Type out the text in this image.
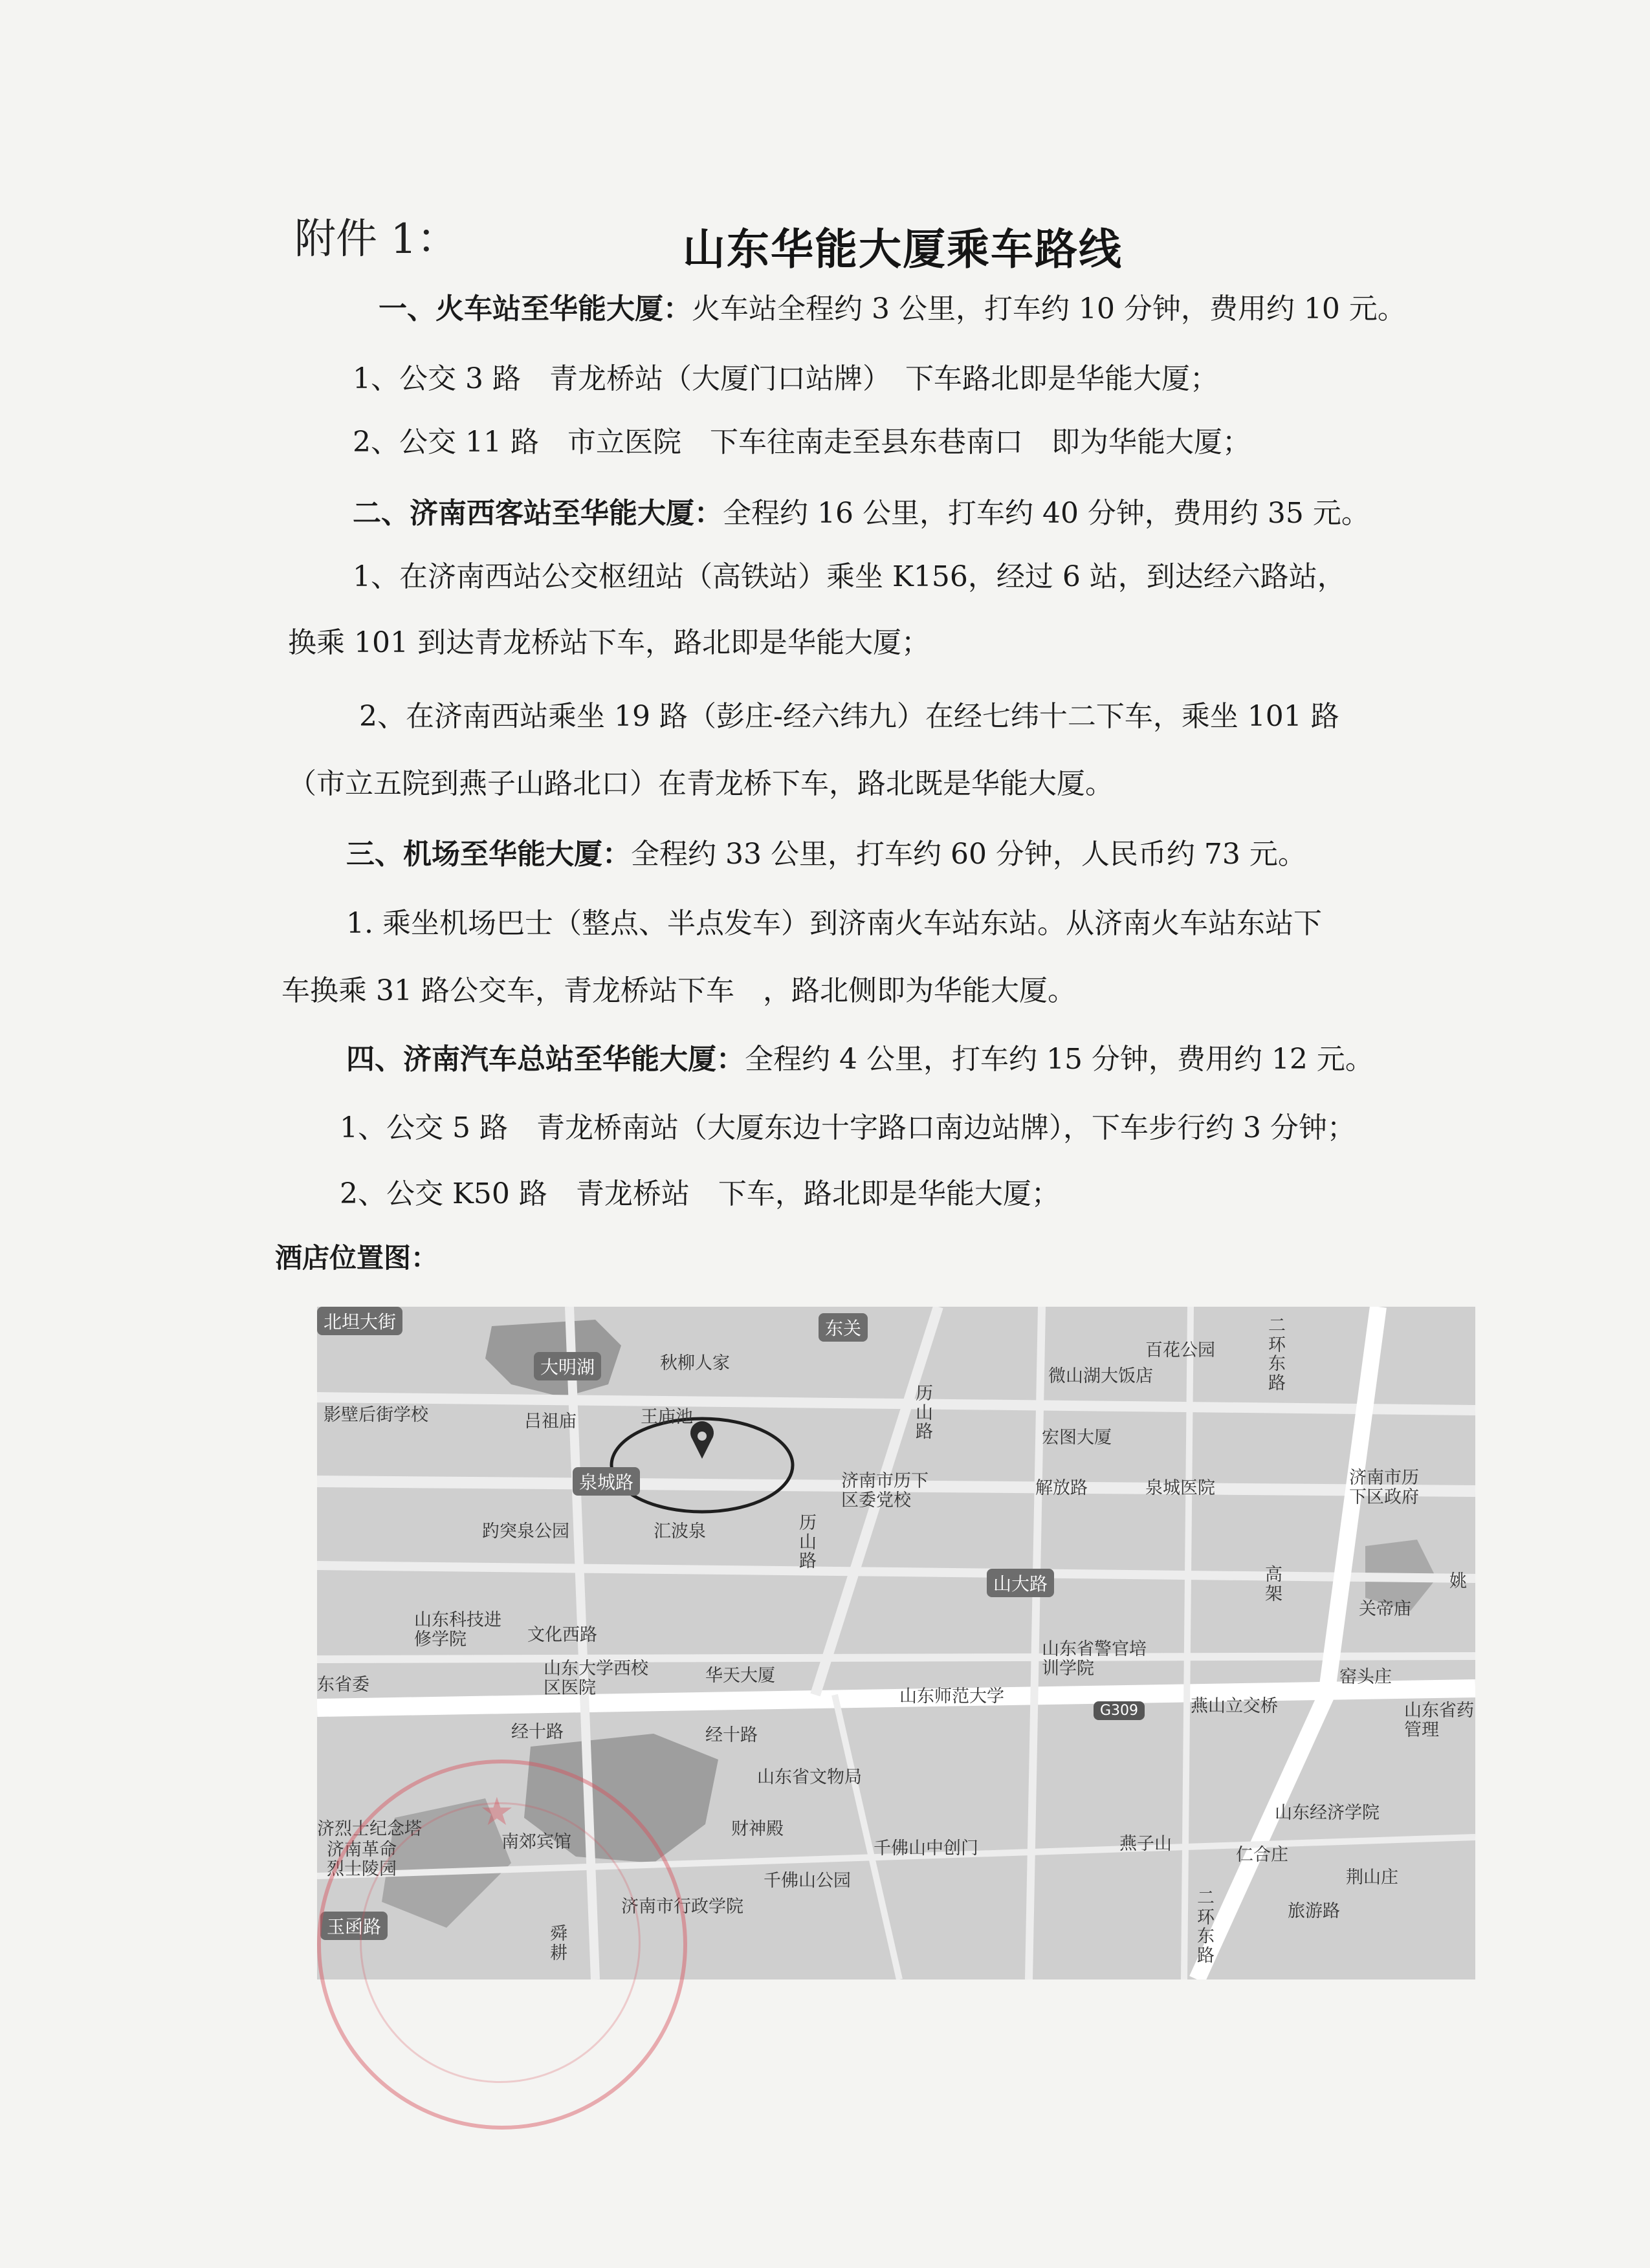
附件 1：	山东华能大厦乘车路线
一、火车站至华能大厦：火车站全程约 3 公里，打车约 10 分钟，费用约 10 元。
1、公交 3 路　青龙桥站（大厦门口站牌）　下车路北即是华能大厦；
2、公交 11 路　市立医院　下车往南走至县东巷南口　即为华能大厦；
二、济南西客站至华能大厦：全程约 16 公里，打车约 40 分钟，费用约 35 元。
1、在济南西站公交枢纽站（高铁站）乘坐 K156，经过 6 站，到达经六路站，
换乘 101 到达青龙桥站下车，路北即是华能大厦；
2、在济南西站乘坐 19 路（彭庄-经六纬九）在经七纬十二下车，乘坐 101 路
（市立五院到燕子山路北口）在青龙桥下车，路北既是华能大厦。
三、机场至华能大厦：全程约 33 公里，打车约 60 分钟，人民币约 73 元。
1. 乘坐机场巴士（整点、半点发车）到济南火车站东站。从济南火车站东站下
车换乘 31 路公交车，青龙桥站下车　，路北侧即为华能大厦。
四、济南汽车总站至华能大厦：全程约 4 公里，打车约 15 分钟，费用约 12 元。
1、公交 5 路　青龙桥南站（大厦东边十字路口南边站牌），下车步行约 3 分钟；
2、公交 K50 路　青龙桥站　下车，路北即是华能大厦；
酒店位置图：
北坦大街
大明湖
东关
泉城路
山大路
玉函路
秋柳人家
百花公园
微山湖大饭店
影壁后街学校	吕祖庙	王庙池
宏图大厦
济南市历下区委党校
解放路	泉城医院
济南市历下区政府
趵突泉公园	汇波泉
关帝庙
姚
山东科技进修学院	文化西路
山东省警官培训学院
东省委
山东大学西校区医院
华天大厦
山东师范大学
窑头庄
燕山立交桥
G309	山东省药管理
经十路	经十路
山东省文物局
济烈士纪念塔
南郊宾馆
财神殿
千佛山中创门	燕子山
山东经济学院
济南革命烈士陵园
千佛山公园
仁合庄
荆山庄
济南市行政学院	旅游路
舜耕
历山路
历山路
二环东路
二环东路
高架
★
